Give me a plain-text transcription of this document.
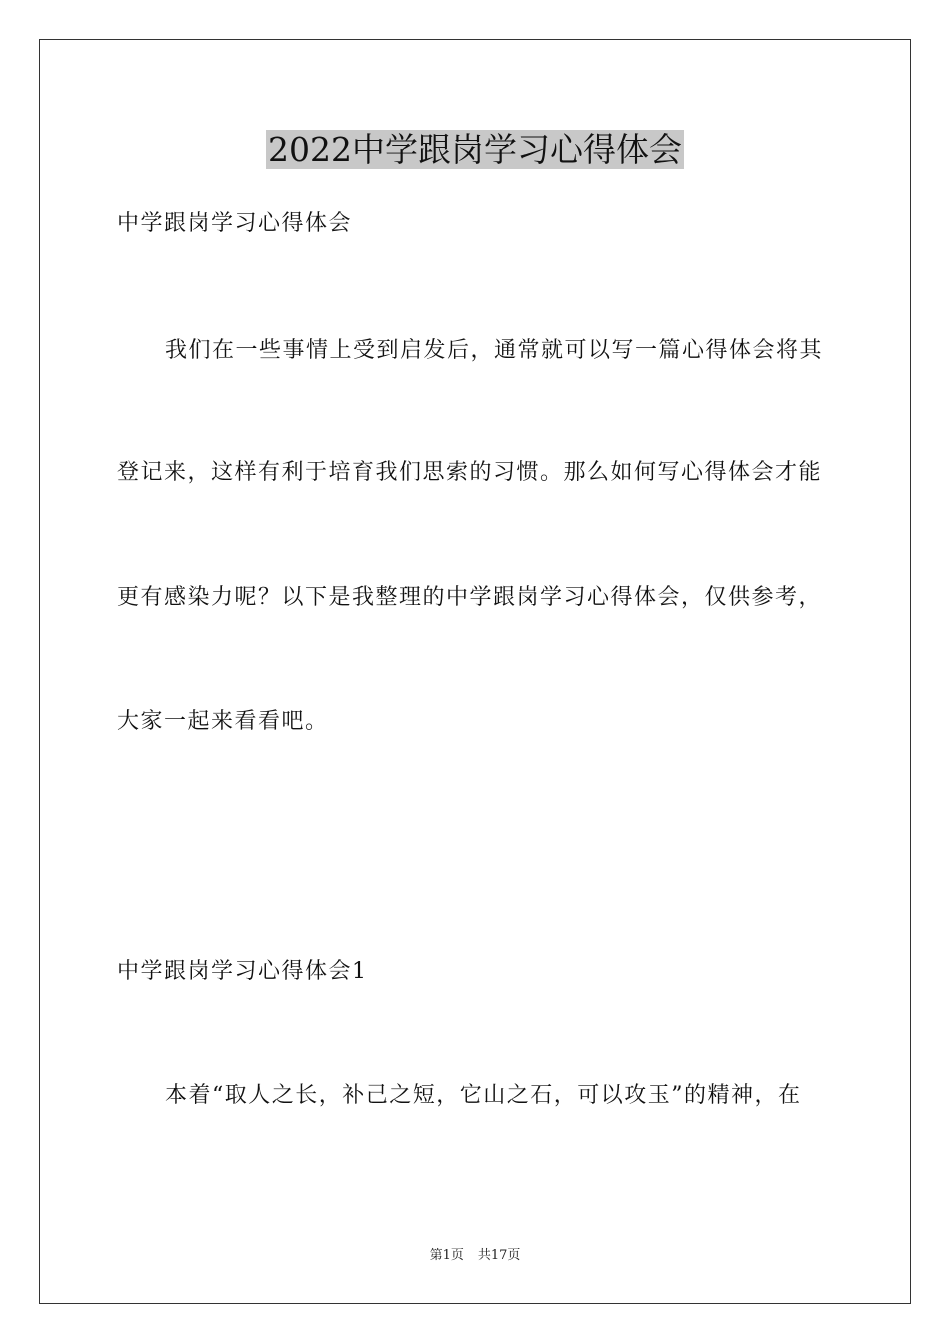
2022中学跟岗学习心得体会
中学跟岗学习心得体会
我们在一些事情上受到启发后，通常就可以写一篇心得体会将其
登记来，这样有利于培育我们思索的习惯。那么如何写心得体会才能
更有感染力呢？以下是我整理的中学跟岗学习心得体会，仅供参考，
大家一起来看看吧。
中学跟岗学习心得体会1
本着“取人之长，补己之短，它山之石，可以攻玉”的精神，在
第1页 共17页
